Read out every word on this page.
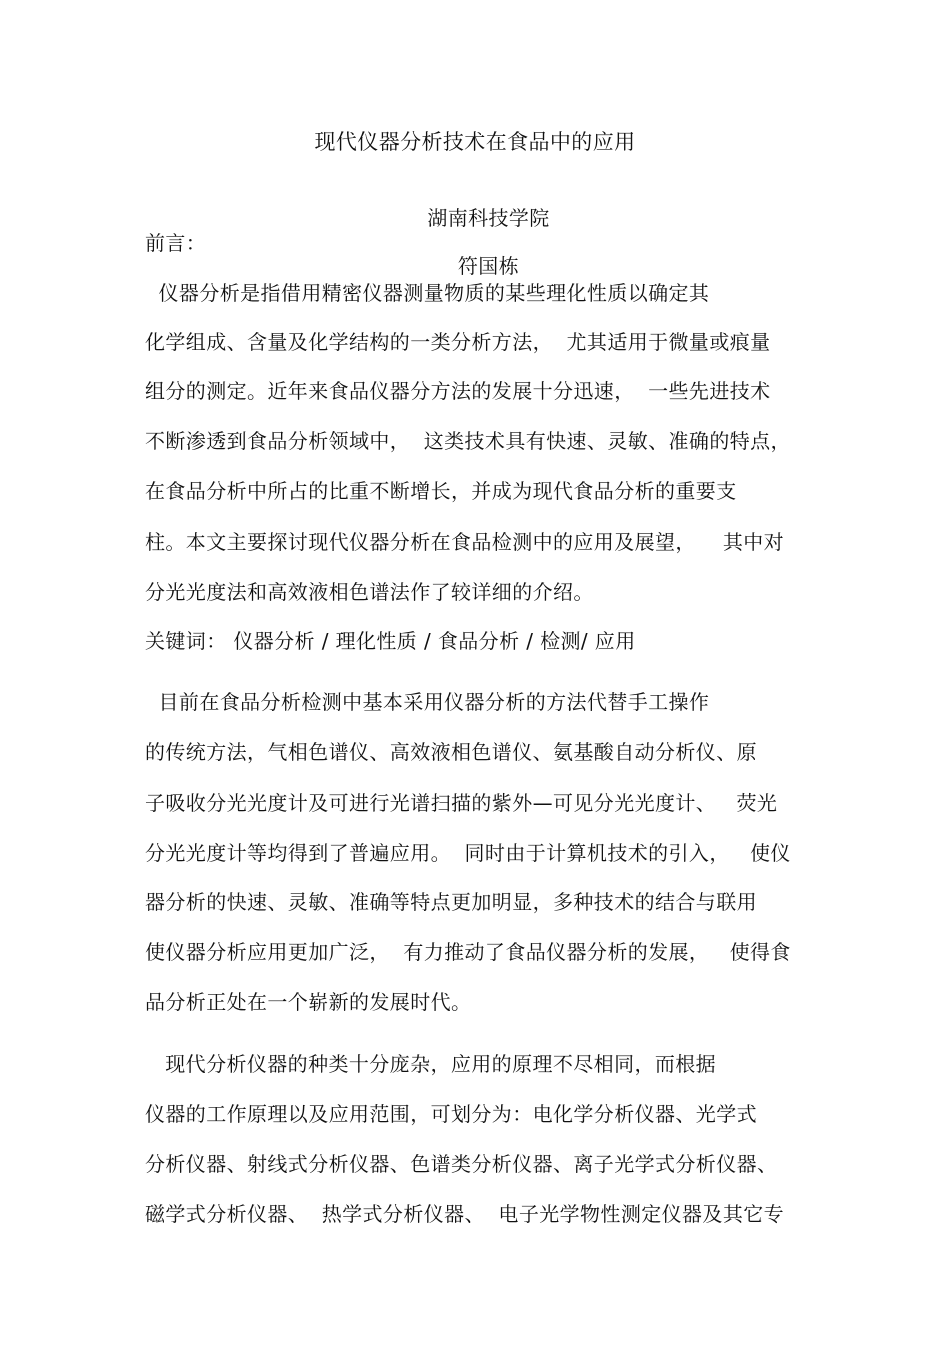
现代仪器分析技术在食品中的应用

湖南科技学院

符国栋

前言：
仪器分析是指借用精密仪器测量物质的某些理化性质以确定其
化学组成、含量及化学结构的一类分析方法，  尤其适用于微量或痕量
组分的测定。近年来食品仪器分方法的发展十分迅速，  一些先进技术
不断渗透到食品分析领域中，  这类技术具有快速、灵敏、准确的特点，
在食品分析中所占的比重不断增长，并成为现代食品分析的重要支
柱。本文主要探讨现代仪器分析在食品检测中的应用及展望，    其中对
分光光度法和高效液相色谱法作了较详细的介绍。
关键词： 仪器分析 / 理化性质 / 食品分析 / 检测/ 应用
目前在食品分析检测中基本采用仪器分析的方法代替手工操作
的传统方法，气相色谱仪、高效液相色谱仪、氨基酸自动分析仪、原
子吸收分光光度计及可进行光谱扫描的紫外—可见分光光度计、   荧光
分光光度计等均得到了普遍应用。  同时由于计算机技术的引入，   使仪
器分析的快速、灵敏、准确等特点更加明显，多种技术的结合与联用
使仪器分析应用更加广泛，  有力推动了食品仪器分析的发展，   使得食
品分析正处在一个崭新的发展时代。
现代分析仪器的种类十分庞杂，应用的原理不尽相同，而根据
仪器的工作原理以及应用范围，可划分为：电化学分析仪器、光学式
分析仪器、射线式分析仪器、色谱类分析仪器、离子光学式分析仪器、
磁学式分析仪器、  热学式分析仪器、  电子光学物性测定仪器及其它专
